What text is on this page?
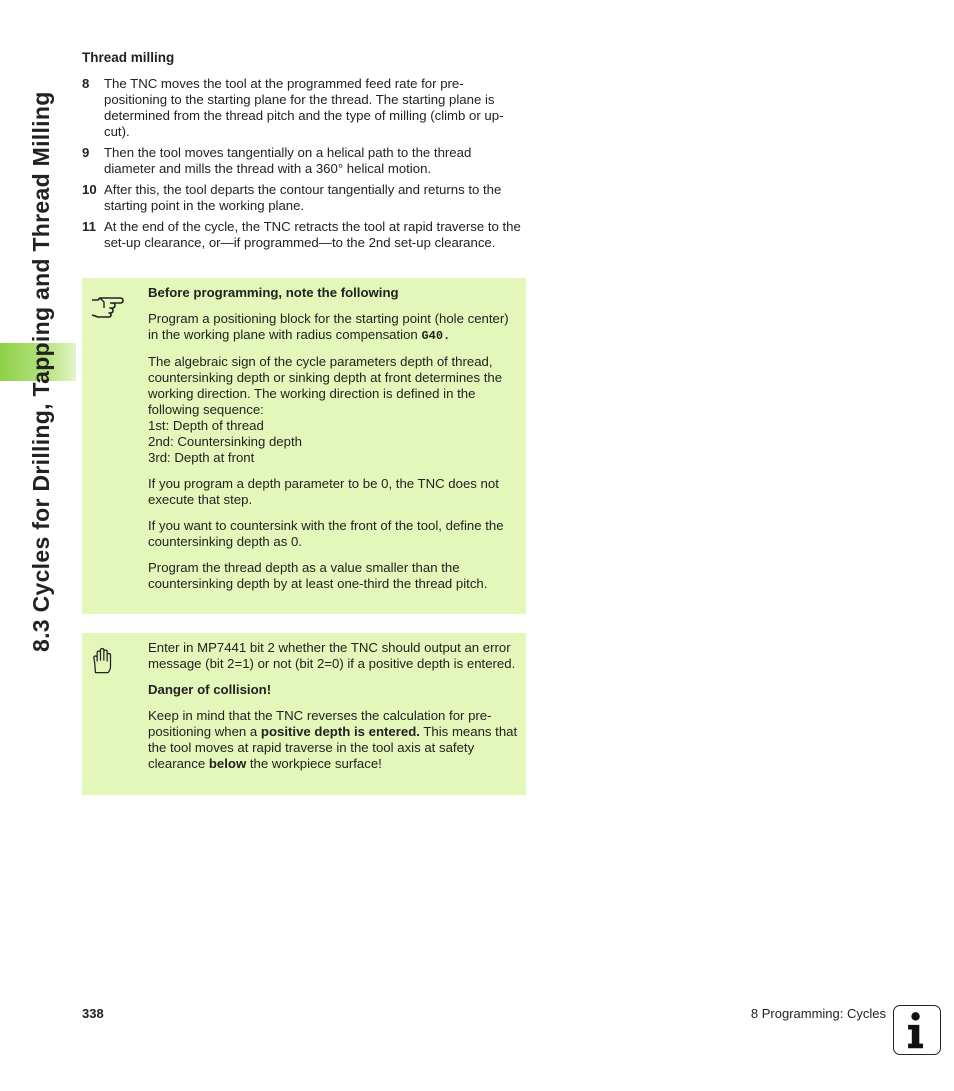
8.3 Cycles for Drilling, Tapping and Thread Milling
Thread milling
8	The TNC moves the tool at the programmed feed rate for pre-positioning to the starting plane for the thread. The starting plane is determined from the thread pitch and the type of milling (climb or up-cut).
9	Then the tool moves tangentially on a helical path to the thread diameter and mills the thread with a 360° helical motion.
10 After this, the tool departs the contour tangentially and returns to the starting point in the working plane.
11 At the end of the cycle, the TNC retracts the tool at rapid traverse to the set-up clearance, or—if programmed—to the 2nd set-up clearance.

Before programming, note the following

Program a positioning block for the starting point (hole center) in the working plane with radius compensation G40.

The algebraic sign of the cycle parameters depth of thread, countersinking depth or sinking depth at front determines the working direction. The working direction is defined in the following sequence:
1st: Depth of thread
2nd: Countersinking depth
3rd: Depth at front

If you program a depth parameter to be 0, the TNC does not execute that step.

If you want to countersink with the front of the tool, define the countersinking depth as 0.

Program the thread depth as a value smaller than the countersinking depth by at least one-third the thread pitch.

Enter in MP7441 bit 2 whether the TNC should output an error message (bit 2=1) or not (bit 2=0) if a positive depth is entered.

Danger of collision!

Keep in mind that the TNC reverses the calculation for pre-positioning when a positive depth is entered. This means that the tool moves at rapid traverse in the tool axis at safety clearance below the workpiece surface!

338	8 Programming: Cycles
